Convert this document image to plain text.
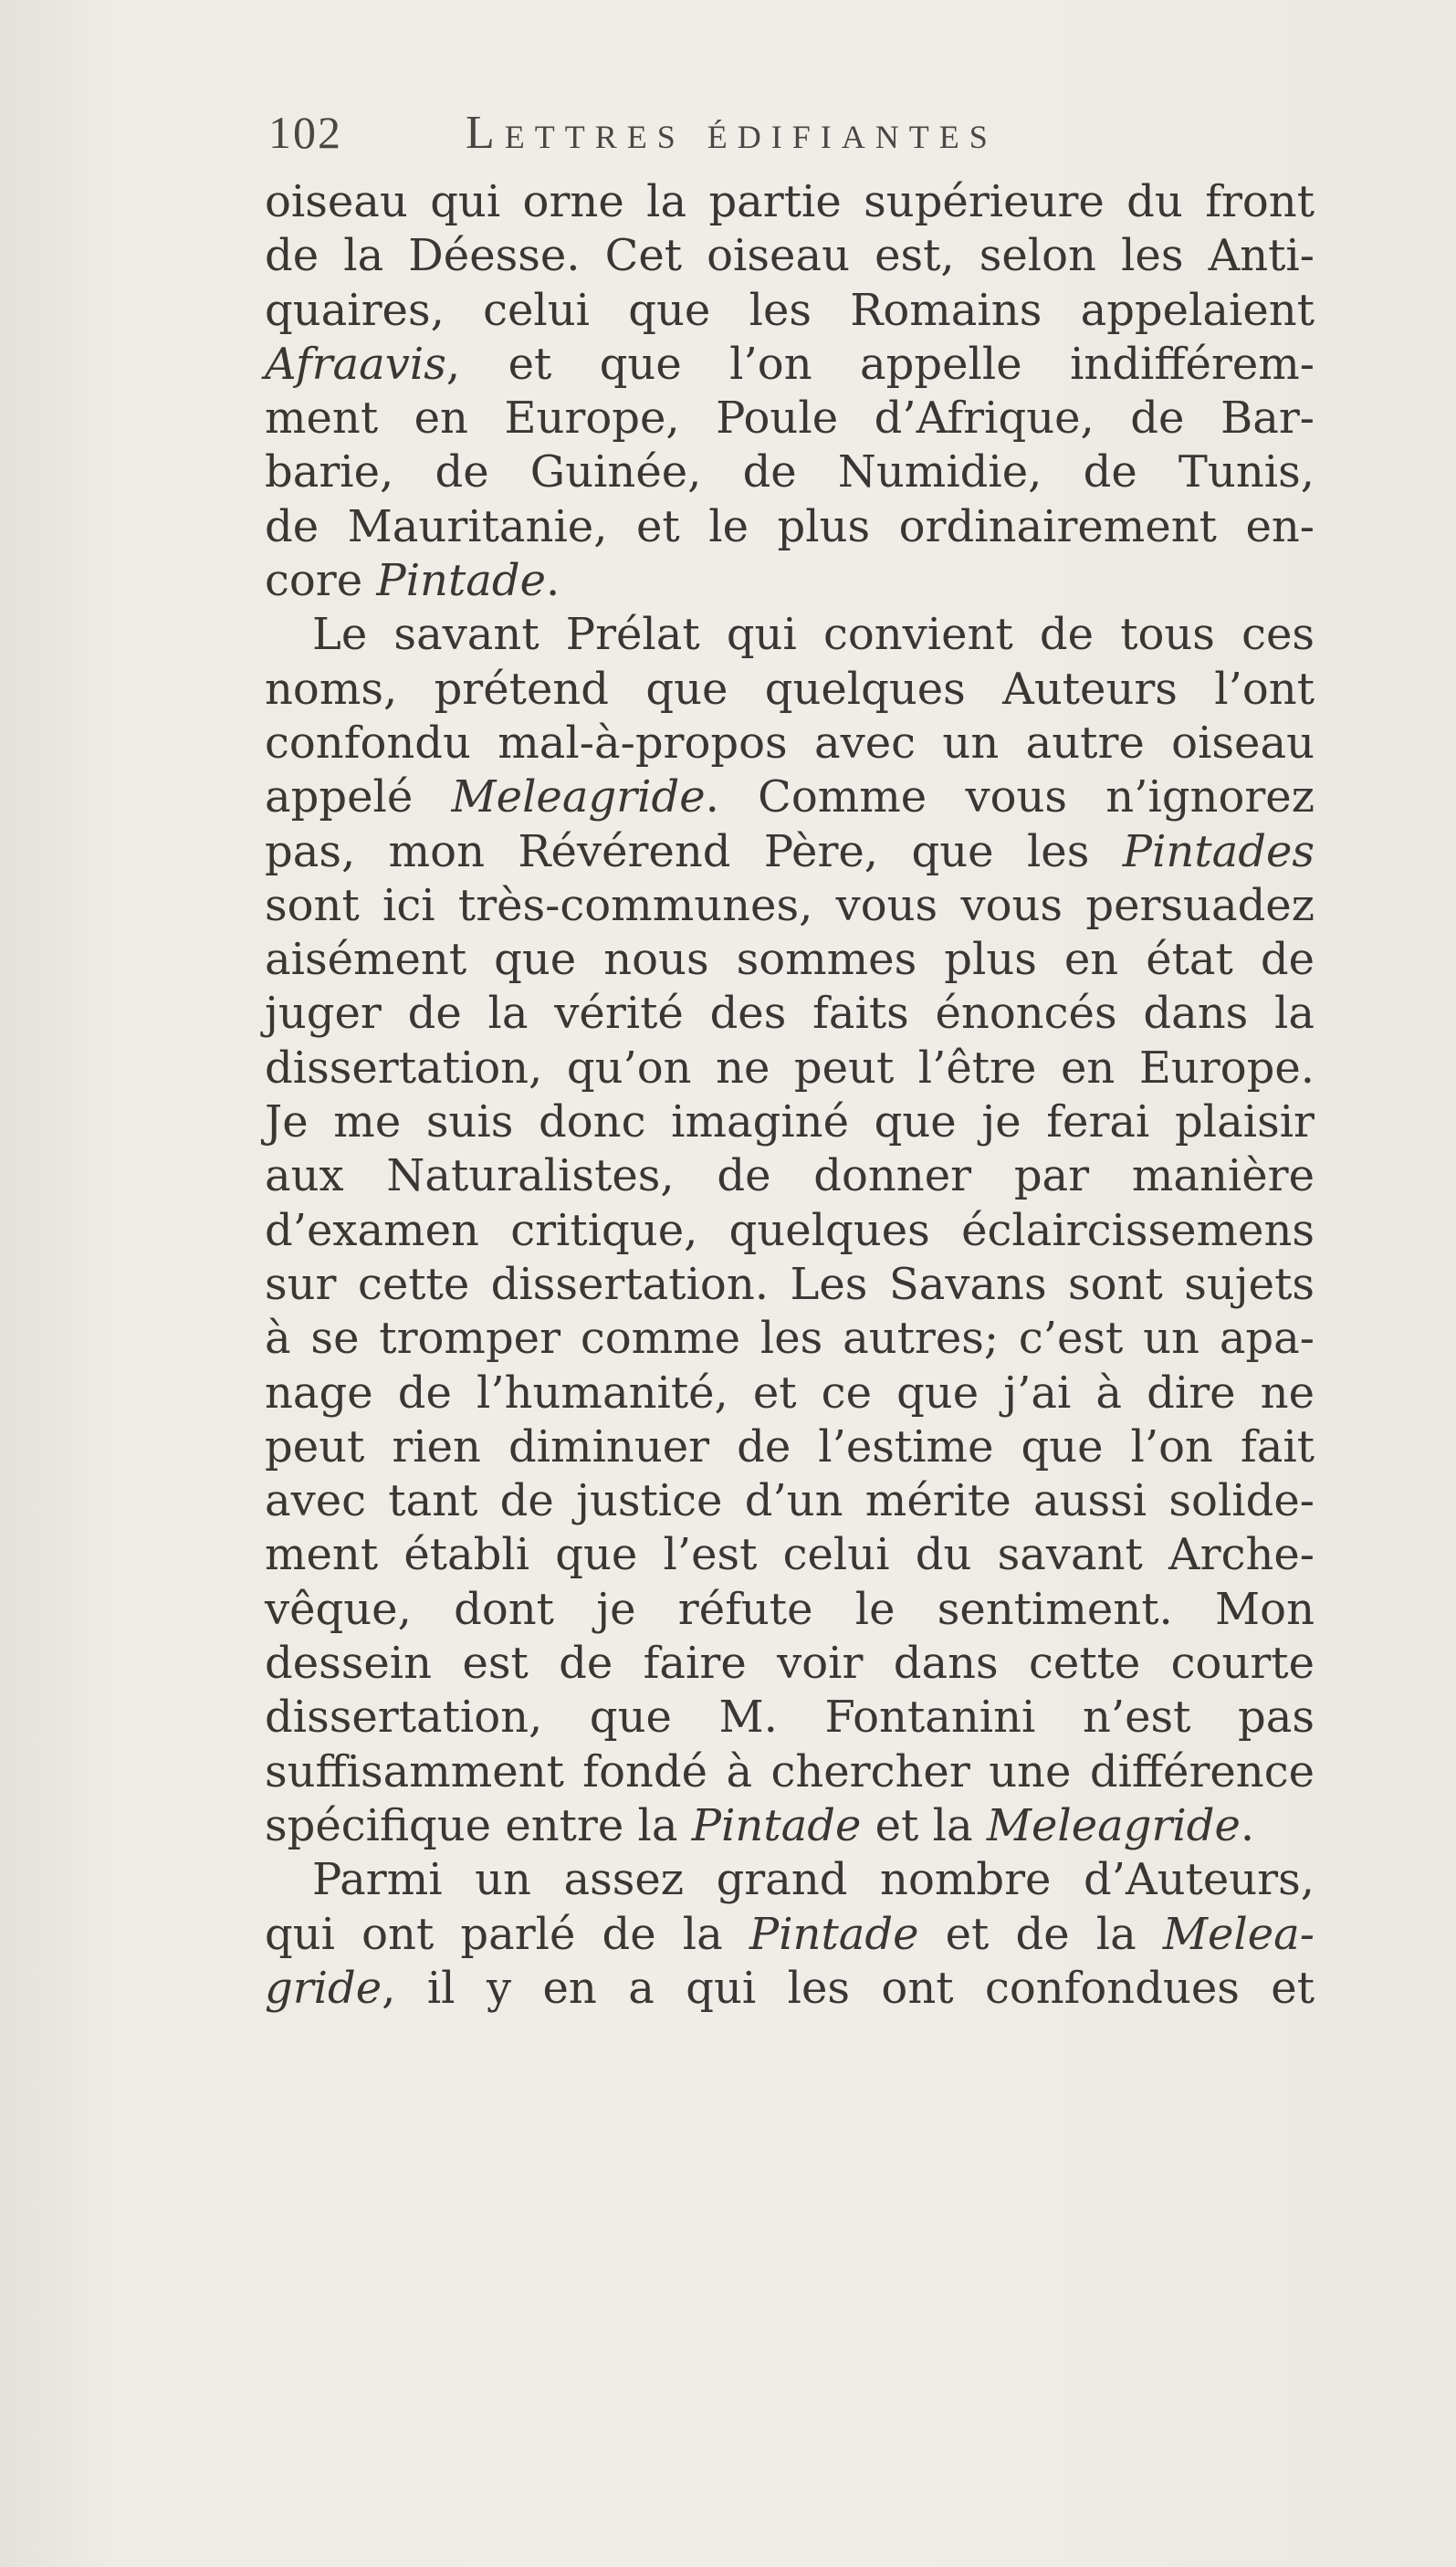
102	Lettres édifiantes
oiseau qui orne la partie supérieure du front
de la Déesse. Cet oiseau est, selon les Anti-
quaires, celui que les Romains appelaient
Afraavis, et que l’on appelle indifférem-
ment en Europe, Poule d’Afrique, de Bar-
barie, de Guinée, de Numidie, de Tunis,
de Mauritanie, et le plus ordinairement en-
core Pintade.
Le savant Prélat qui convient de tous ces
noms, prétend que quelques Auteurs l’ont
confondu mal-à-propos avec un autre oiseau
appelé Meleagride. Comme vous n’ignorez
pas, mon Révérend Père, que les Pintades
sont ici très-communes, vous vous persuadez
aisément que nous sommes plus en état de
juger de la vérité des faits énoncés dans la
dissertation, qu’on ne peut l’être en Europe.
Je me suis donc imaginé que je ferai plaisir
aux Naturalistes, de donner par manière
d’examen critique, quelques éclaircissemens
sur cette dissertation. Les Savans sont sujets
à se tromper comme les autres; c’est un apa-
nage de l’humanité, et ce que j’ai à dire ne
peut rien diminuer de l’estime que l’on fait
avec tant de justice d’un mérite aussi solide-
ment établi que l’est celui du savant Arche-
vêque, dont je réfute le sentiment. Mon
dessein est de faire voir dans cette courte
dissertation, que M. Fontanini n’est pas
suffisamment fondé à chercher une différence
spécifique entre la Pintade et la Meleagride.
Parmi un assez grand nombre d’Auteurs,
qui ont parlé de la Pintade et de la Melea-
gride, il y en a qui les ont confondues et
